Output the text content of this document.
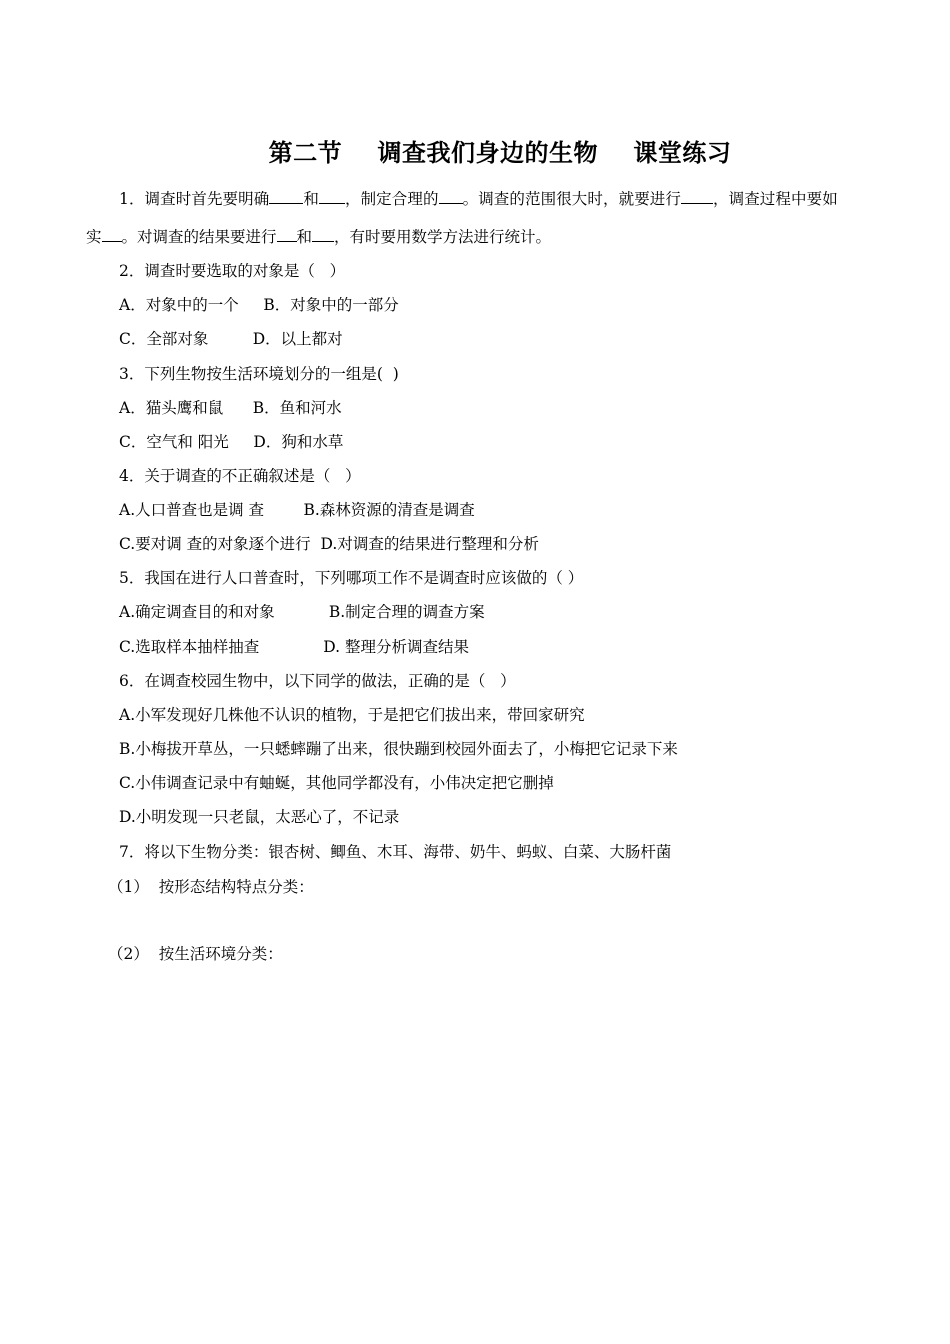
第二节    调查我们身边的生物    课堂练习
1．调查时首先要明确 和 ，制定合理的 。调查的范围很大时，就要进行 ，调查过程中要如
实 。对调查的结果要进行 和 ，有时要用数学方法进行统计。
2．调查时要选取的对象是（   ）
A．对象中的一个     B．对象中的一部分
C．全部对象         D．以上都对
3．下列生物按生活环境划分的一组是(  )
A．猫头鹰和鼠      B．鱼和河水
C．空气和 阳光     D．狗和水草
4．关于调查的不正确叙述是（   ）
A.人口普查也是调 查        B.森林资源的清查是调查
C.要对调 查的对象逐个进行  D.对调查的结果进行整理和分析
5．我国在进行人口普查时，下列哪项工作不是调查时应该做的（ ）
A.确定调查目的和对象           B.制定合理的调查方案
C.选取样本抽样抽查             D. 整理分析调查结果
6．在调查校园生物中，以下同学的做法，正确的是（   ）
A.小军发现好几株他不认识的植物，于是把它们拔出来，带回家研究
B.小梅拔开草丛，一只蟋蟀蹦了出来，很快蹦到校园外面去了，小梅把它记录下来
C.小伟调查记录中有蚰蜒，其他同学都没有，小伟决定把它删掉
D.小明发现一只老鼠，太恶心了，不记录
7．将以下生物分类：银杏树、鲫鱼、木耳、海带、奶牛、蚂蚁、白菜、大肠杆菌
（1）  按形态结构特点分类：
（2）  按生活环境分类：
